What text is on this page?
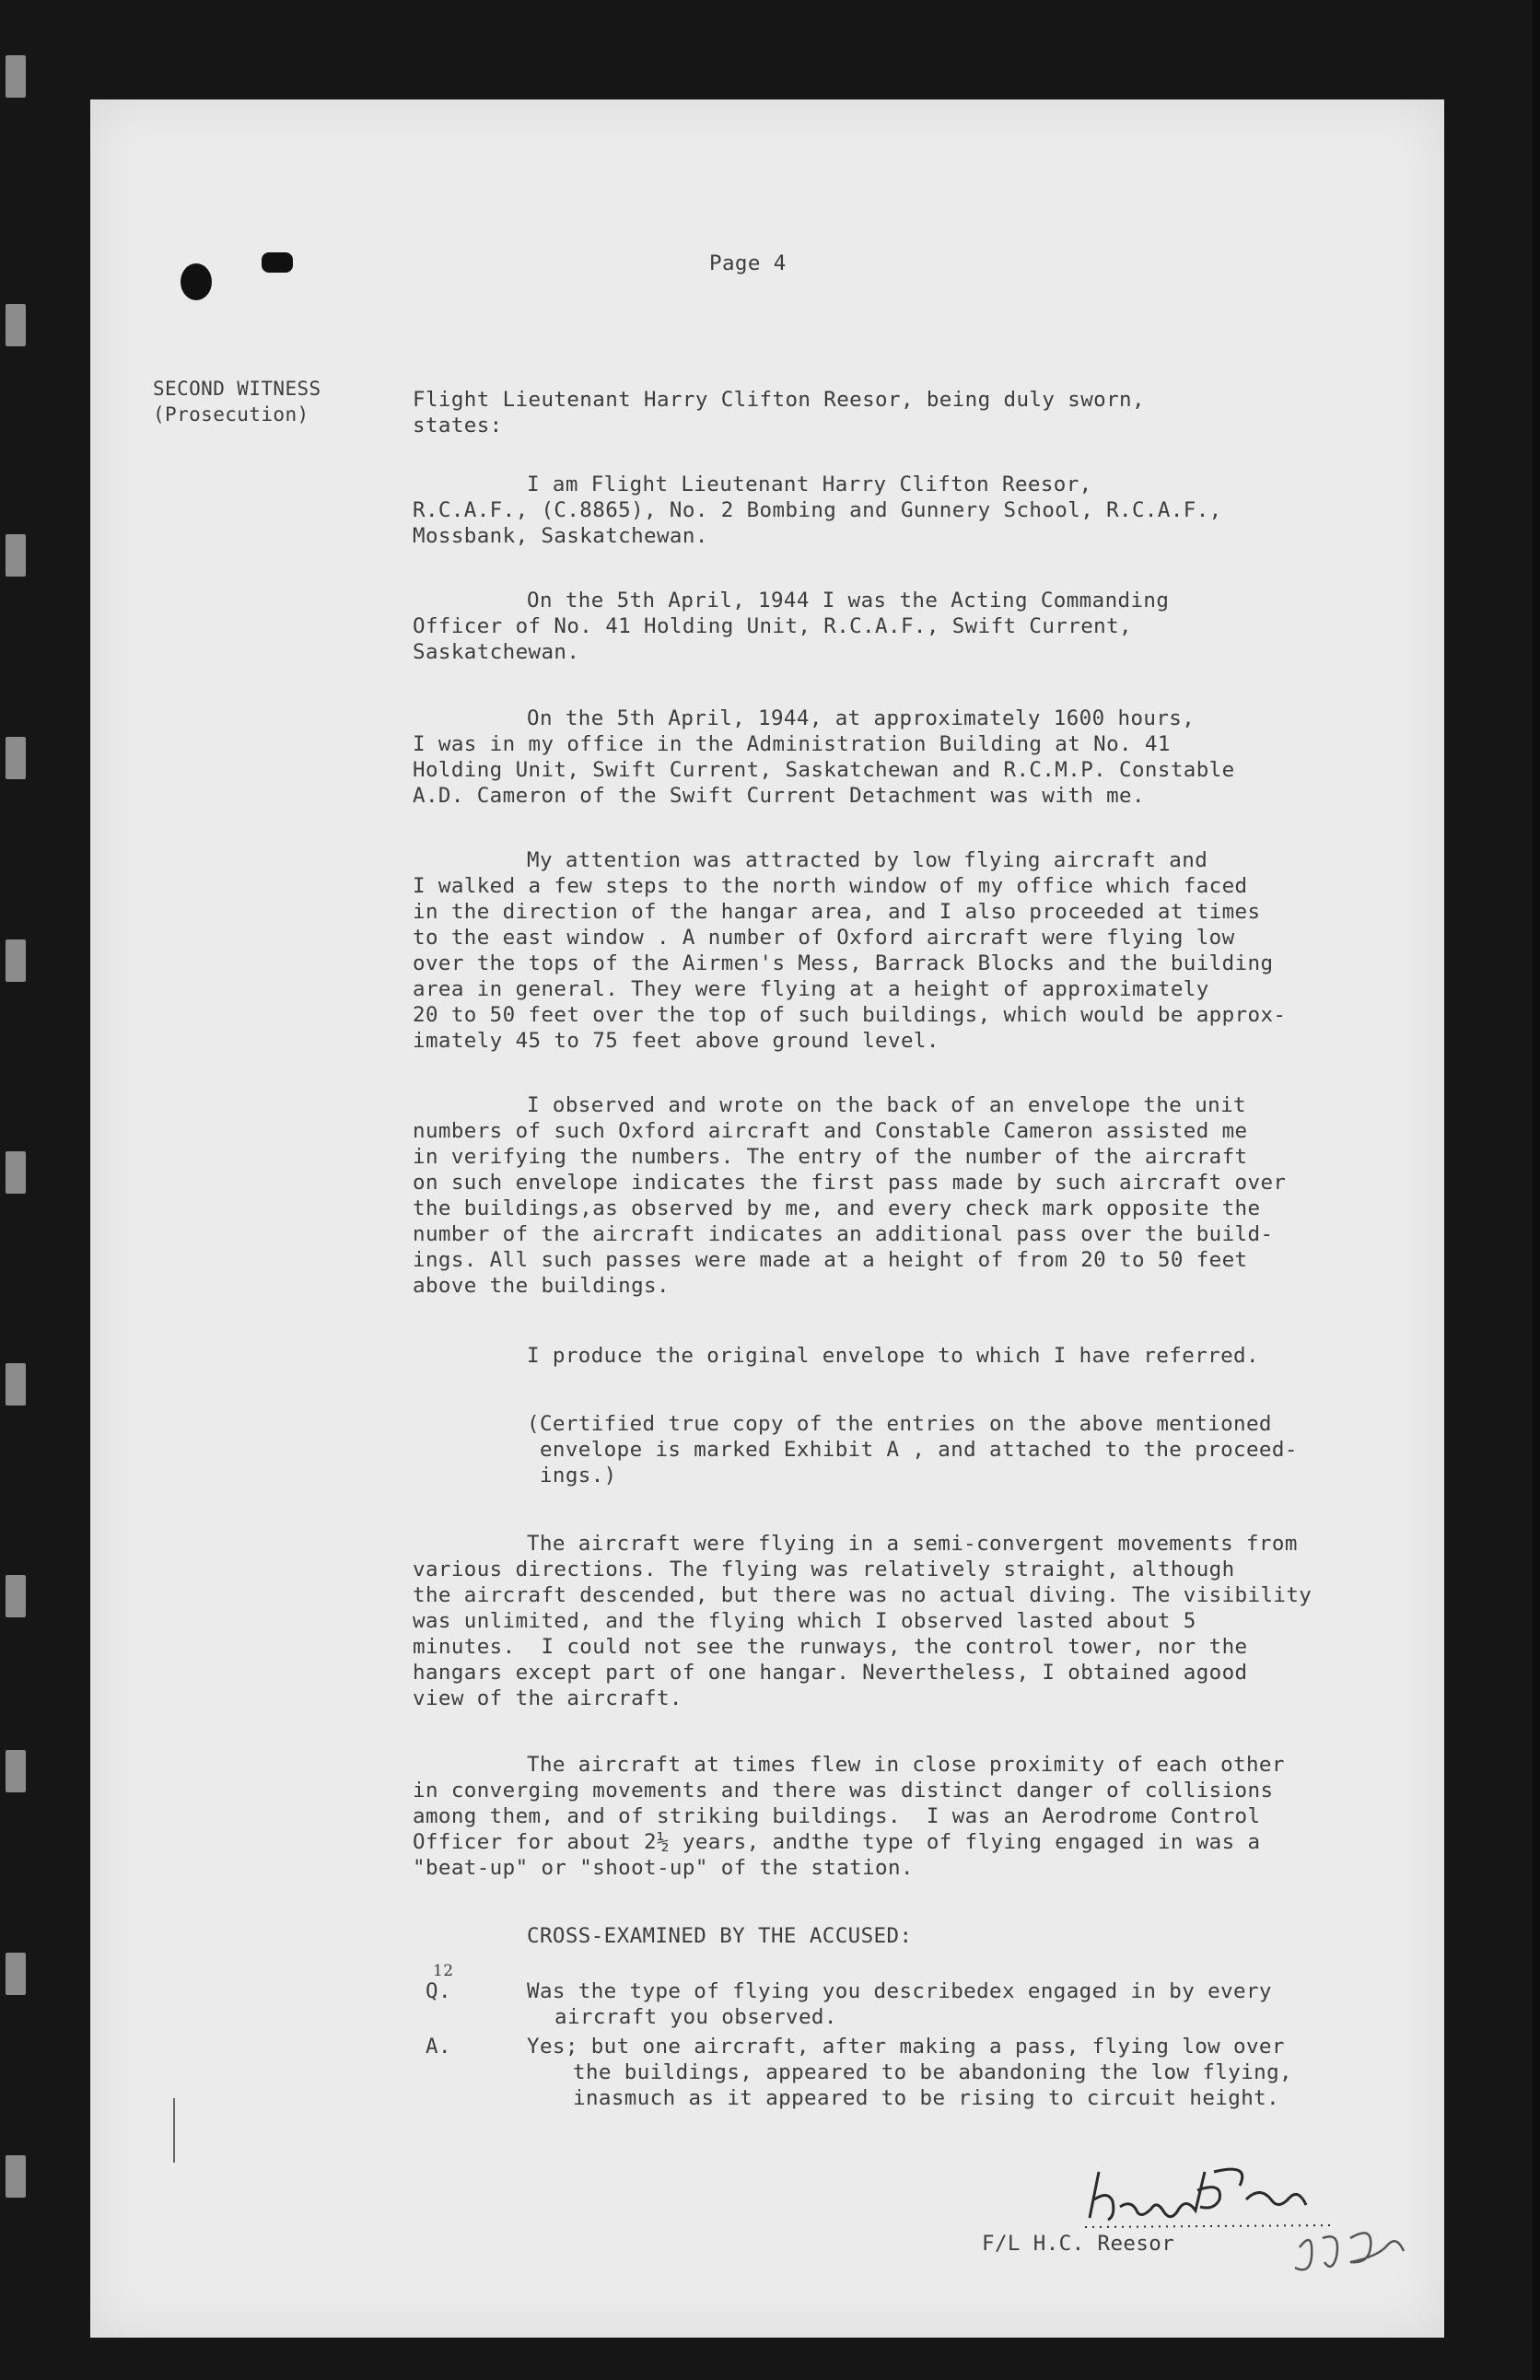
Page 4
SECOND WITNESS
(Prosecution)
Flight Lieutenant Harry Clifton Reesor, being duly sworn,
states:
I am Flight Lieutenant Harry Clifton Reesor,
R.C.A.F., (C.8865), No. 2 Bombing and Gunnery School, R.C.A.F.,
Mossbank, Saskatchewan.
On the 5th April, 1944 I was the Acting Commanding
Officer of No. 41 Holding Unit, R.C.A.F., Swift Current,
Saskatchewan.
On the 5th April, 1944, at approximately 1600 hours,
I was in my office in the Administration Building at No. 41
Holding Unit, Swift Current, Saskatchewan and R.C.M.P. Constable
A.D. Cameron of the Swift Current Detachment was with me.
My attention was attracted by low flying aircraft and
I walked a few steps to the north window of my office which faced
in the direction of the hangar area, and I also proceeded at times
to the east window . A number of Oxford aircraft were flying low
over the tops of the Airmen's Mess, Barrack Blocks and the building
area in general. They were flying at a height of approximately
20 to 50 feet over the top of such buildings, which would be approx-
imately 45 to 75 feet above ground level.
I observed and wrote on the back of an envelope the unit
numbers of such Oxford aircraft and Constable Cameron assisted me
in verifying the numbers. The entry of the number of the aircraft
on such envelope indicates the first pass made by such aircraft over
the buildings,as observed by me, and every check mark opposite the
number of the aircraft indicates an additional pass over the build-
ings. All such passes were made at a height of from 20 to 50 feet
above the buildings.
I produce the original envelope to which I have referred.
(Certified true copy of the entries on the above mentioned
envelope is marked Exhibit A , and attached to the proceed-
ings.)
The aircraft were flying in a semi-convergent movements from
various directions. The flying was relatively straight, although
the aircraft descended, but there was no actual diving. The visibility
was unlimited, and the flying which I observed lasted about 5
minutes.  I could not see the runways, the control tower, nor the
hangars except part of one hangar. Nevertheless, I obtained agood
view of the aircraft.
The aircraft at times flew in close proximity of each other
in converging movements and there was distinct danger of collisions
among them, and of striking buildings.  I was an Aerodrome Control
Officer for about 2½ years, andthe type of flying engaged in was a
"beat-up" or "shoot-up" of the station.
CROSS-EXAMINED BY THE ACCUSED:
Q.
12
Was the type of flying you describedex engaged in by every
aircraft you observed.
A.	Yes; but one aircraft, after making a pass, flying low over
the buildings, appeared to be abandoning the low flying,
inasmuch as it appeared to be rising to circuit height.
F/L H.C. Reesor
